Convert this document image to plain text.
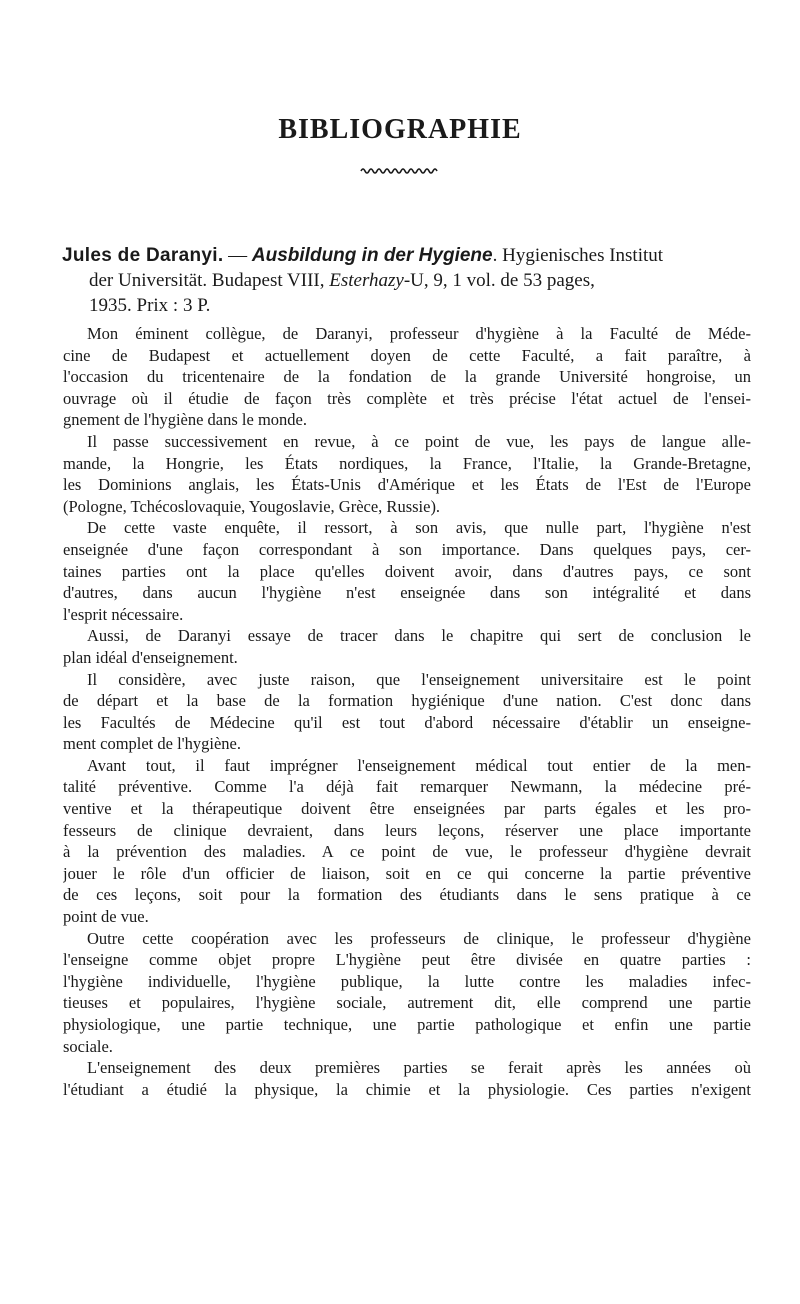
BIBLIOGRAPHIE
Jules de Daranyi. — Ausbildung in der Hygiene. Hygienisches Institut
der Universität. Budapest VIII, Esterhazy-U, 9, 1 vol. de 53 pages,
1935. Prix : 3 P.
Mon éminent collègue, de Daranyi, professeur d'hygiène à la Faculté de Méde-
cine de Budapest et actuellement doyen de cette Faculté, a fait paraître, à
l'occasion du tricentenaire de la fondation de la grande Université hongroise, un
ouvrage où il étudie de façon très complète et très précise l'état actuel de l'ensei-
gnement de l'hygiène dans le monde.
Il passe successivement en revue, à ce point de vue, les pays de langue alle-
mande, la Hongrie, les États nordiques, la France, l'Italie, la Grande-Bretagne,
les Dominions anglais, les États-Unis d'Amérique et les États de l'Est de l'Europe
(Pologne, Tchécoslovaquie, Yougoslavie, Grèce, Russie).
De cette vaste enquête, il ressort, à son avis, que nulle part, l'hygiène n'est
enseignée d'une façon correspondant à son importance. Dans quelques pays, cer-
taines parties ont la place qu'elles doivent avoir, dans d'autres pays, ce sont
d'autres, dans aucun l'hygiène n'est enseignée dans son intégralité et dans
l'esprit nécessaire.
Aussi, de Daranyi essaye de tracer dans le chapitre qui sert de conclusion le
plan idéal d'enseignement.
Il considère, avec juste raison, que l'enseignement universitaire est le point
de départ et la base de la formation hygiénique d'une nation. C'est donc dans
les Facultés de Médecine qu'il est tout d'abord nécessaire d'établir un enseigne-
ment complet de l'hygiène.
Avant tout, il faut imprégner l'enseignement médical tout entier de la men-
talité préventive. Comme l'a déjà fait remarquer Newmann, la médecine pré-
ventive et la thérapeutique doivent être enseignées par parts égales et les pro-
fesseurs de clinique devraient, dans leurs leçons, réserver une place importante
à la prévention des maladies. A ce point de vue, le professeur d'hygiène devrait
jouer le rôle d'un officier de liaison, soit en ce qui concerne la partie préventive
de ces leçons, soit pour la formation des étudiants dans le sens pratique à ce
point de vue.
Outre cette coopération avec les professeurs de clinique, le professeur d'hygiène
l'enseigne comme objet propre L'hygiène peut être divisée en quatre parties :
l'hygiène individuelle, l'hygiène publique, la lutte contre les maladies infec-
tieuses et populaires, l'hygiène sociale, autrement dit, elle comprend une partie
physiologique, une partie technique, une partie pathologique et enfin une partie
sociale.
L'enseignement des deux premières parties se ferait après les années où
l'étudiant a étudié la physique, la chimie et la physiologie. Ces parties n'exigent
